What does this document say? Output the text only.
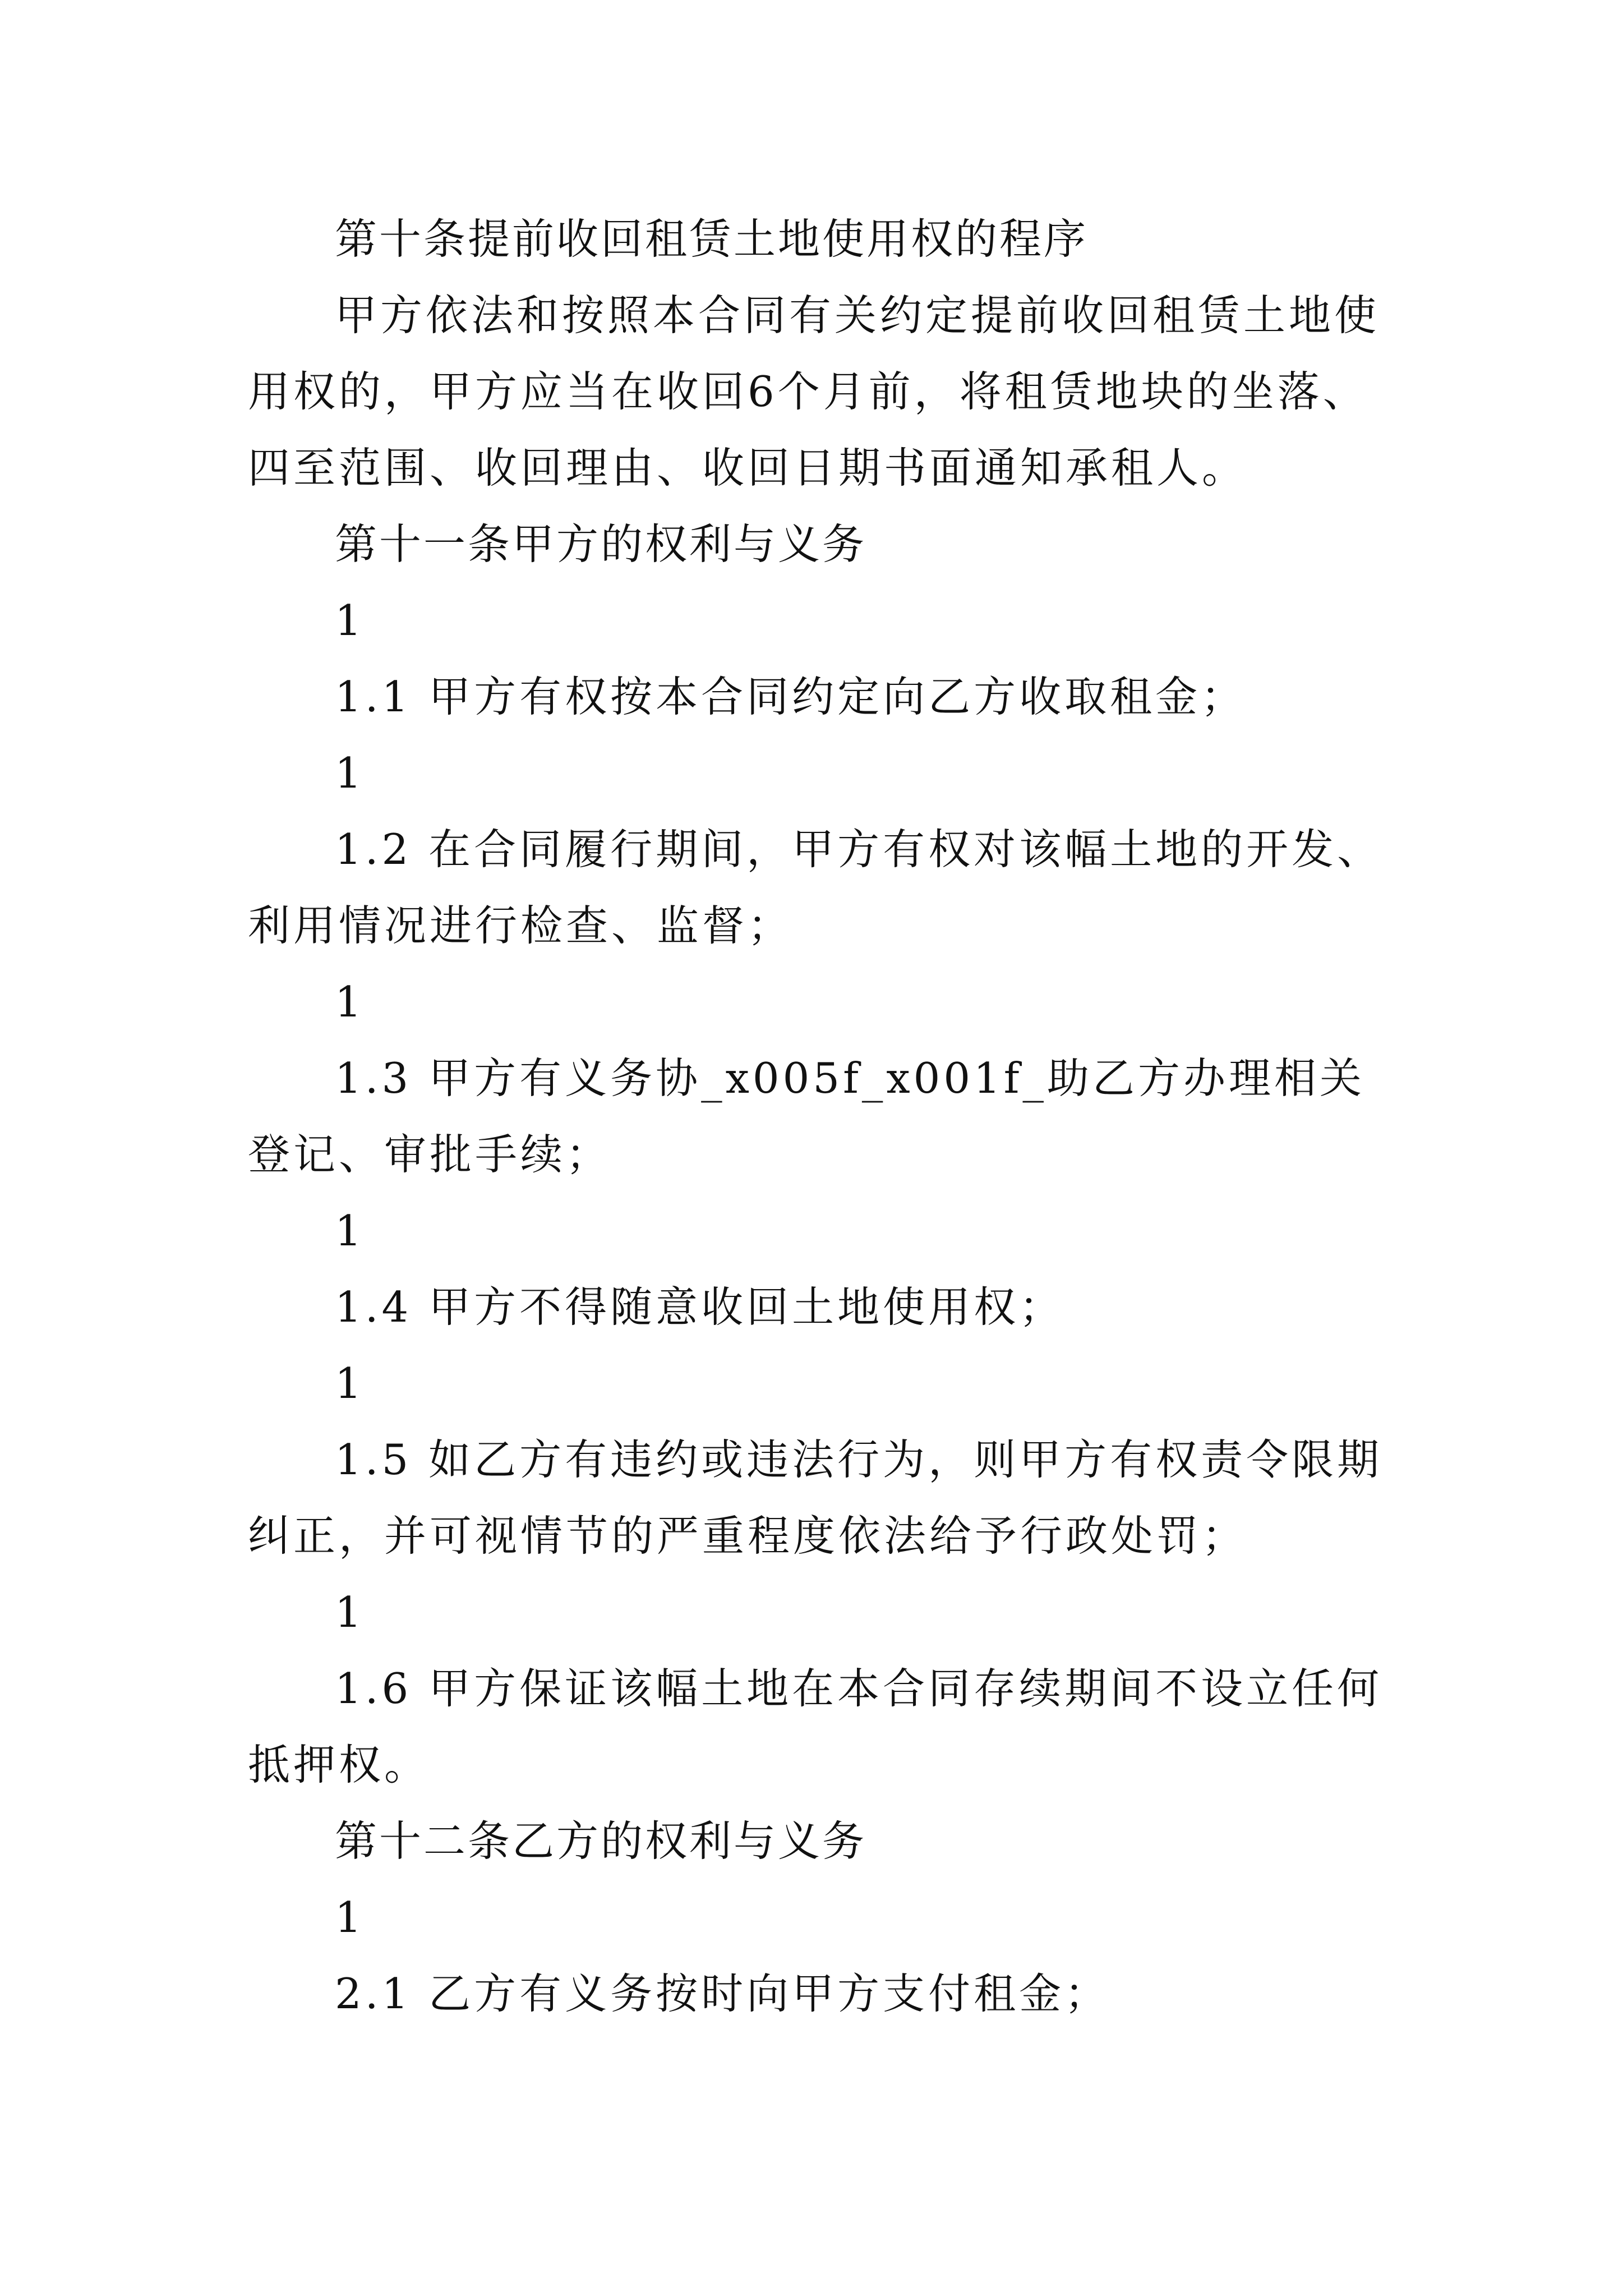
第十条提前收回租赁土地使用权的程序

甲方依法和按照本合同有关约定提前收回租赁土地使用权的，甲方应当在收回6个月前，将租赁地块的坐落、四至范围、收回理由、收回日期书面通知承租人。

第十一条甲方的权利与义务

1

1.1 甲方有权按本合同约定向乙方收取租金；

1

1.2 在合同履行期间，甲方有权对该幅土地的开发、利用情况进行检查、监督；

1

1.3 甲方有义务协_x005f_x001f_助乙方办理相关登记、审批手续；

1

1.4 甲方不得随意收回土地使用权；

1

1.5 如乙方有违约或违法行为，则甲方有权责令限期纠正，并可视情节的严重程度依法给予行政处罚；

1

1.6 甲方保证该幅土地在本合同存续期间不设立任何抵押权。

第十二条乙方的权利与义务

1

2.1 乙方有义务按时向甲方支付租金；
